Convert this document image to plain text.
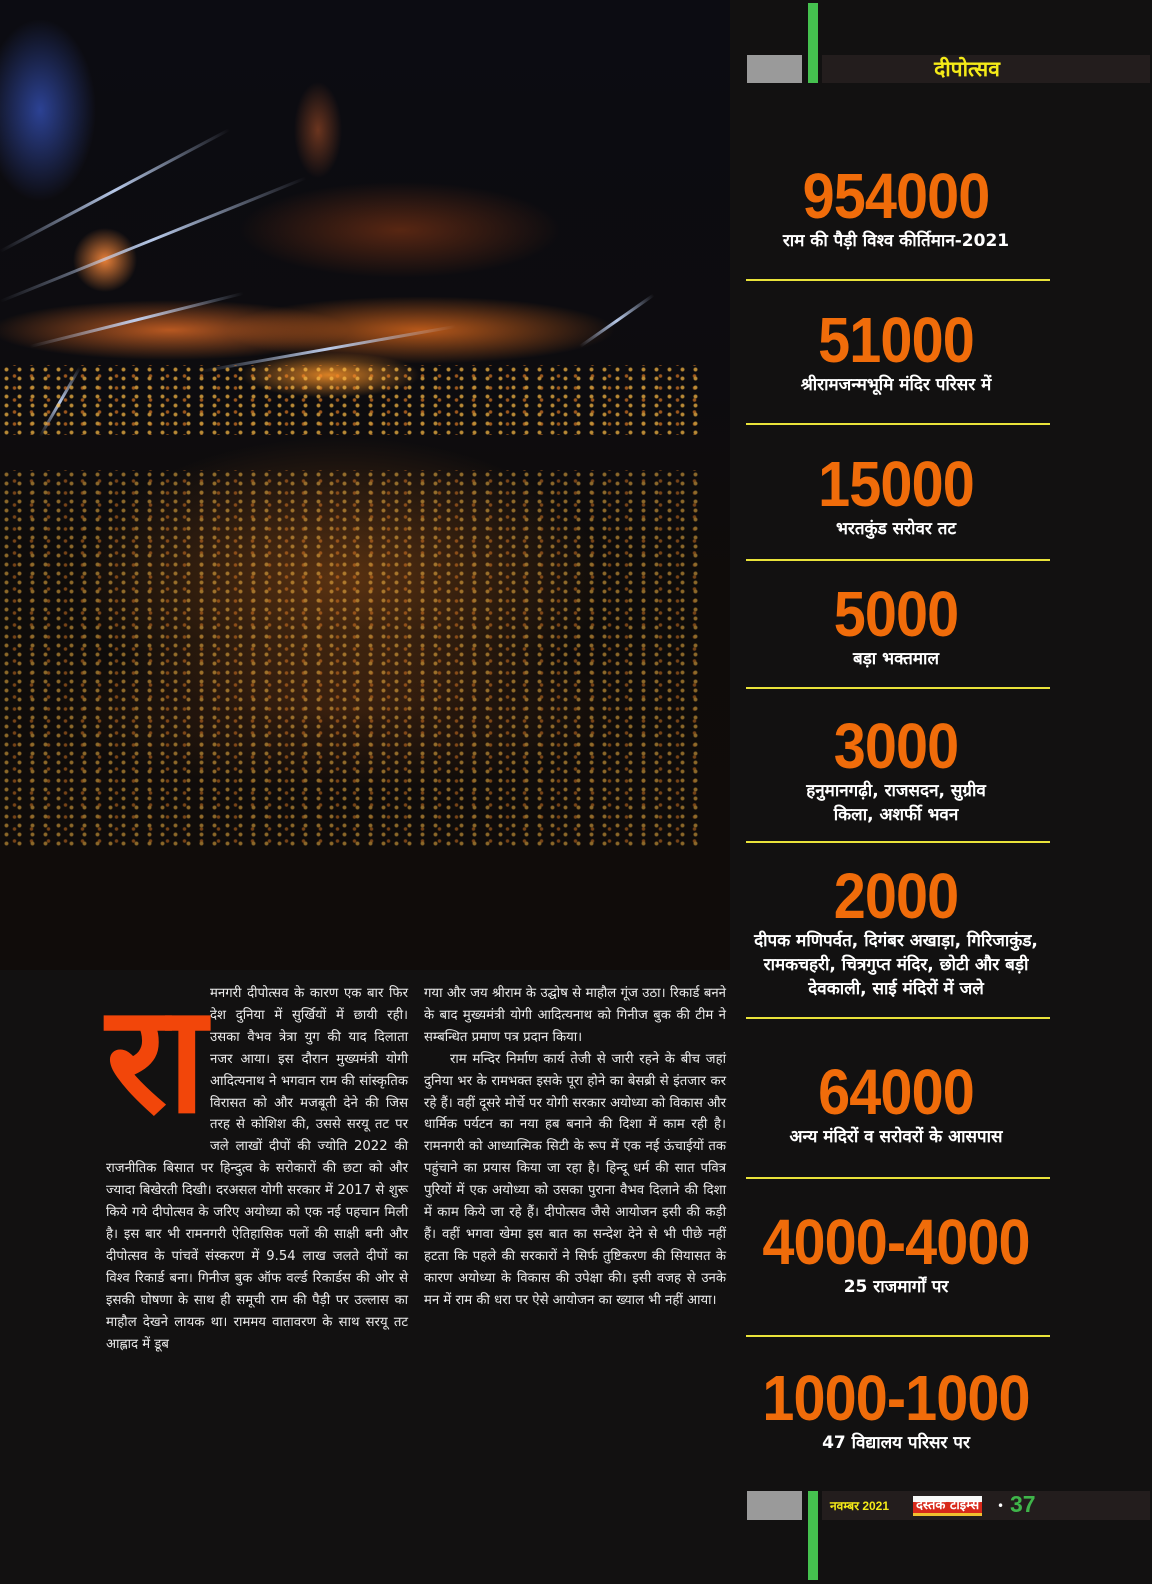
दीपोत्सव
954000
राम की पैड़ी विश्व कीर्तिमान-2021
51000
श्रीरामजन्मभूमि मंदिर परिसर में
15000
भरतकुंड सरोवर तट
5000
बड़ा भक्तमाल
3000
हनुमानगढ़ी, राजसदन, सुग्रीव किला, अशर्फी भवन
2000
दीपक मणिपर्वत, दिगंबर अखाड़ा, गिरिजाकुंड, रामकचहरी, चित्रगुप्त मंदिर, छोटी और बड़ी देवकाली, साई मंदिरों में जले
64000
अन्य मंदिरों व सरोवरों के आसपास
4000-4000
25 राजमार्गों पर
1000-1000
47 विद्यालय परिसर पर
रा मनगरी दीपोत्सव के कारण एक बार फिर देश दुनिया में सुर्खियों में छायी रही। उसका वैभव त्रेत्रा युग की याद दिलाता नजर आया। इस दौरान मुख्यमंत्री योगी आदित्यनाथ ने भगवान राम की सांस्कृतिक विरासत को और मजबूती देने की जिस तरह से कोशिश की, उससे सरयू तट पर जले लाखों दीपों की ज्योति 2022 की राजनीतिक बिसात पर हिन्दुत्व के सरोकारों की छटा को और ज्यादा बिखेरती दिखी। दरअसल योगी सरकार में 2017 से शुरू किये गये दीपोत्सव के जरिए अयोध्या को एक नई पहचान मिली है। इस बार भी रामनगरी ऐतिहासिक पलों की साक्षी बनी और दीपोत्सव के पांचवें संस्करण में 9.54 लाख जलते दीपों का विश्व रिकार्ड बना। गिनीज बुक ऑफ वर्ल्ड रिकार्डस की ओर से इसकी घोषणा के साथ ही समूची राम की पैड़ी पर उल्लास का माहौल देखने लायक था। राममय वातावरण के साथ सरयू तट आह्लाद में डूब

गया और जय श्रीराम के उद्घोष से माहौल गूंज उठा। रिकार्ड बनने के बाद मुख्यमंत्री योगी आदित्यनाथ को गिनीज बुक की टीम ने सम्बन्धित प्रमाण पत्र प्रदान किया।

राम मन्दिर निर्माण कार्य तेजी से जारी रहने के बीच जहां दुनिया भर के रामभक्त इसके पूरा होने का बेसब्री से इंतजार कर रहे हैं। वहीं दूसरे मोर्चे पर योगी सरकार अयोध्या को विकास और धार्मिक पर्यटन का नया हब बनाने की दिशा में काम रही है। रामनगरी को आध्यात्मिक सिटी के रूप में एक नई ऊंचाईयों तक पहुंचाने का प्रयास किया जा रहा है। हिन्दू धर्म की सात पवित्र पुरियों में एक अयोध्या को उसका पुराना वैभव दिलाने की दिशा में काम किये जा रहे हैं। दीपोत्सव जैसे आयोजन इसी की कड़ी हैं। वहीं भगवा खेमा इस बात का सन्देश देने से भी पीछे नहीं हटता कि पहले की सरकारों ने सिर्फ तुष्टिकरण की सियासत के कारण अयोध्या के विकास की उपेक्षा की। इसी वजह से उनके मन में राम की धरा पर ऐसे आयोजन का ख्याल भी नहीं आया।

नवम्बर 2021 दस्तक टाइम्स • 37
